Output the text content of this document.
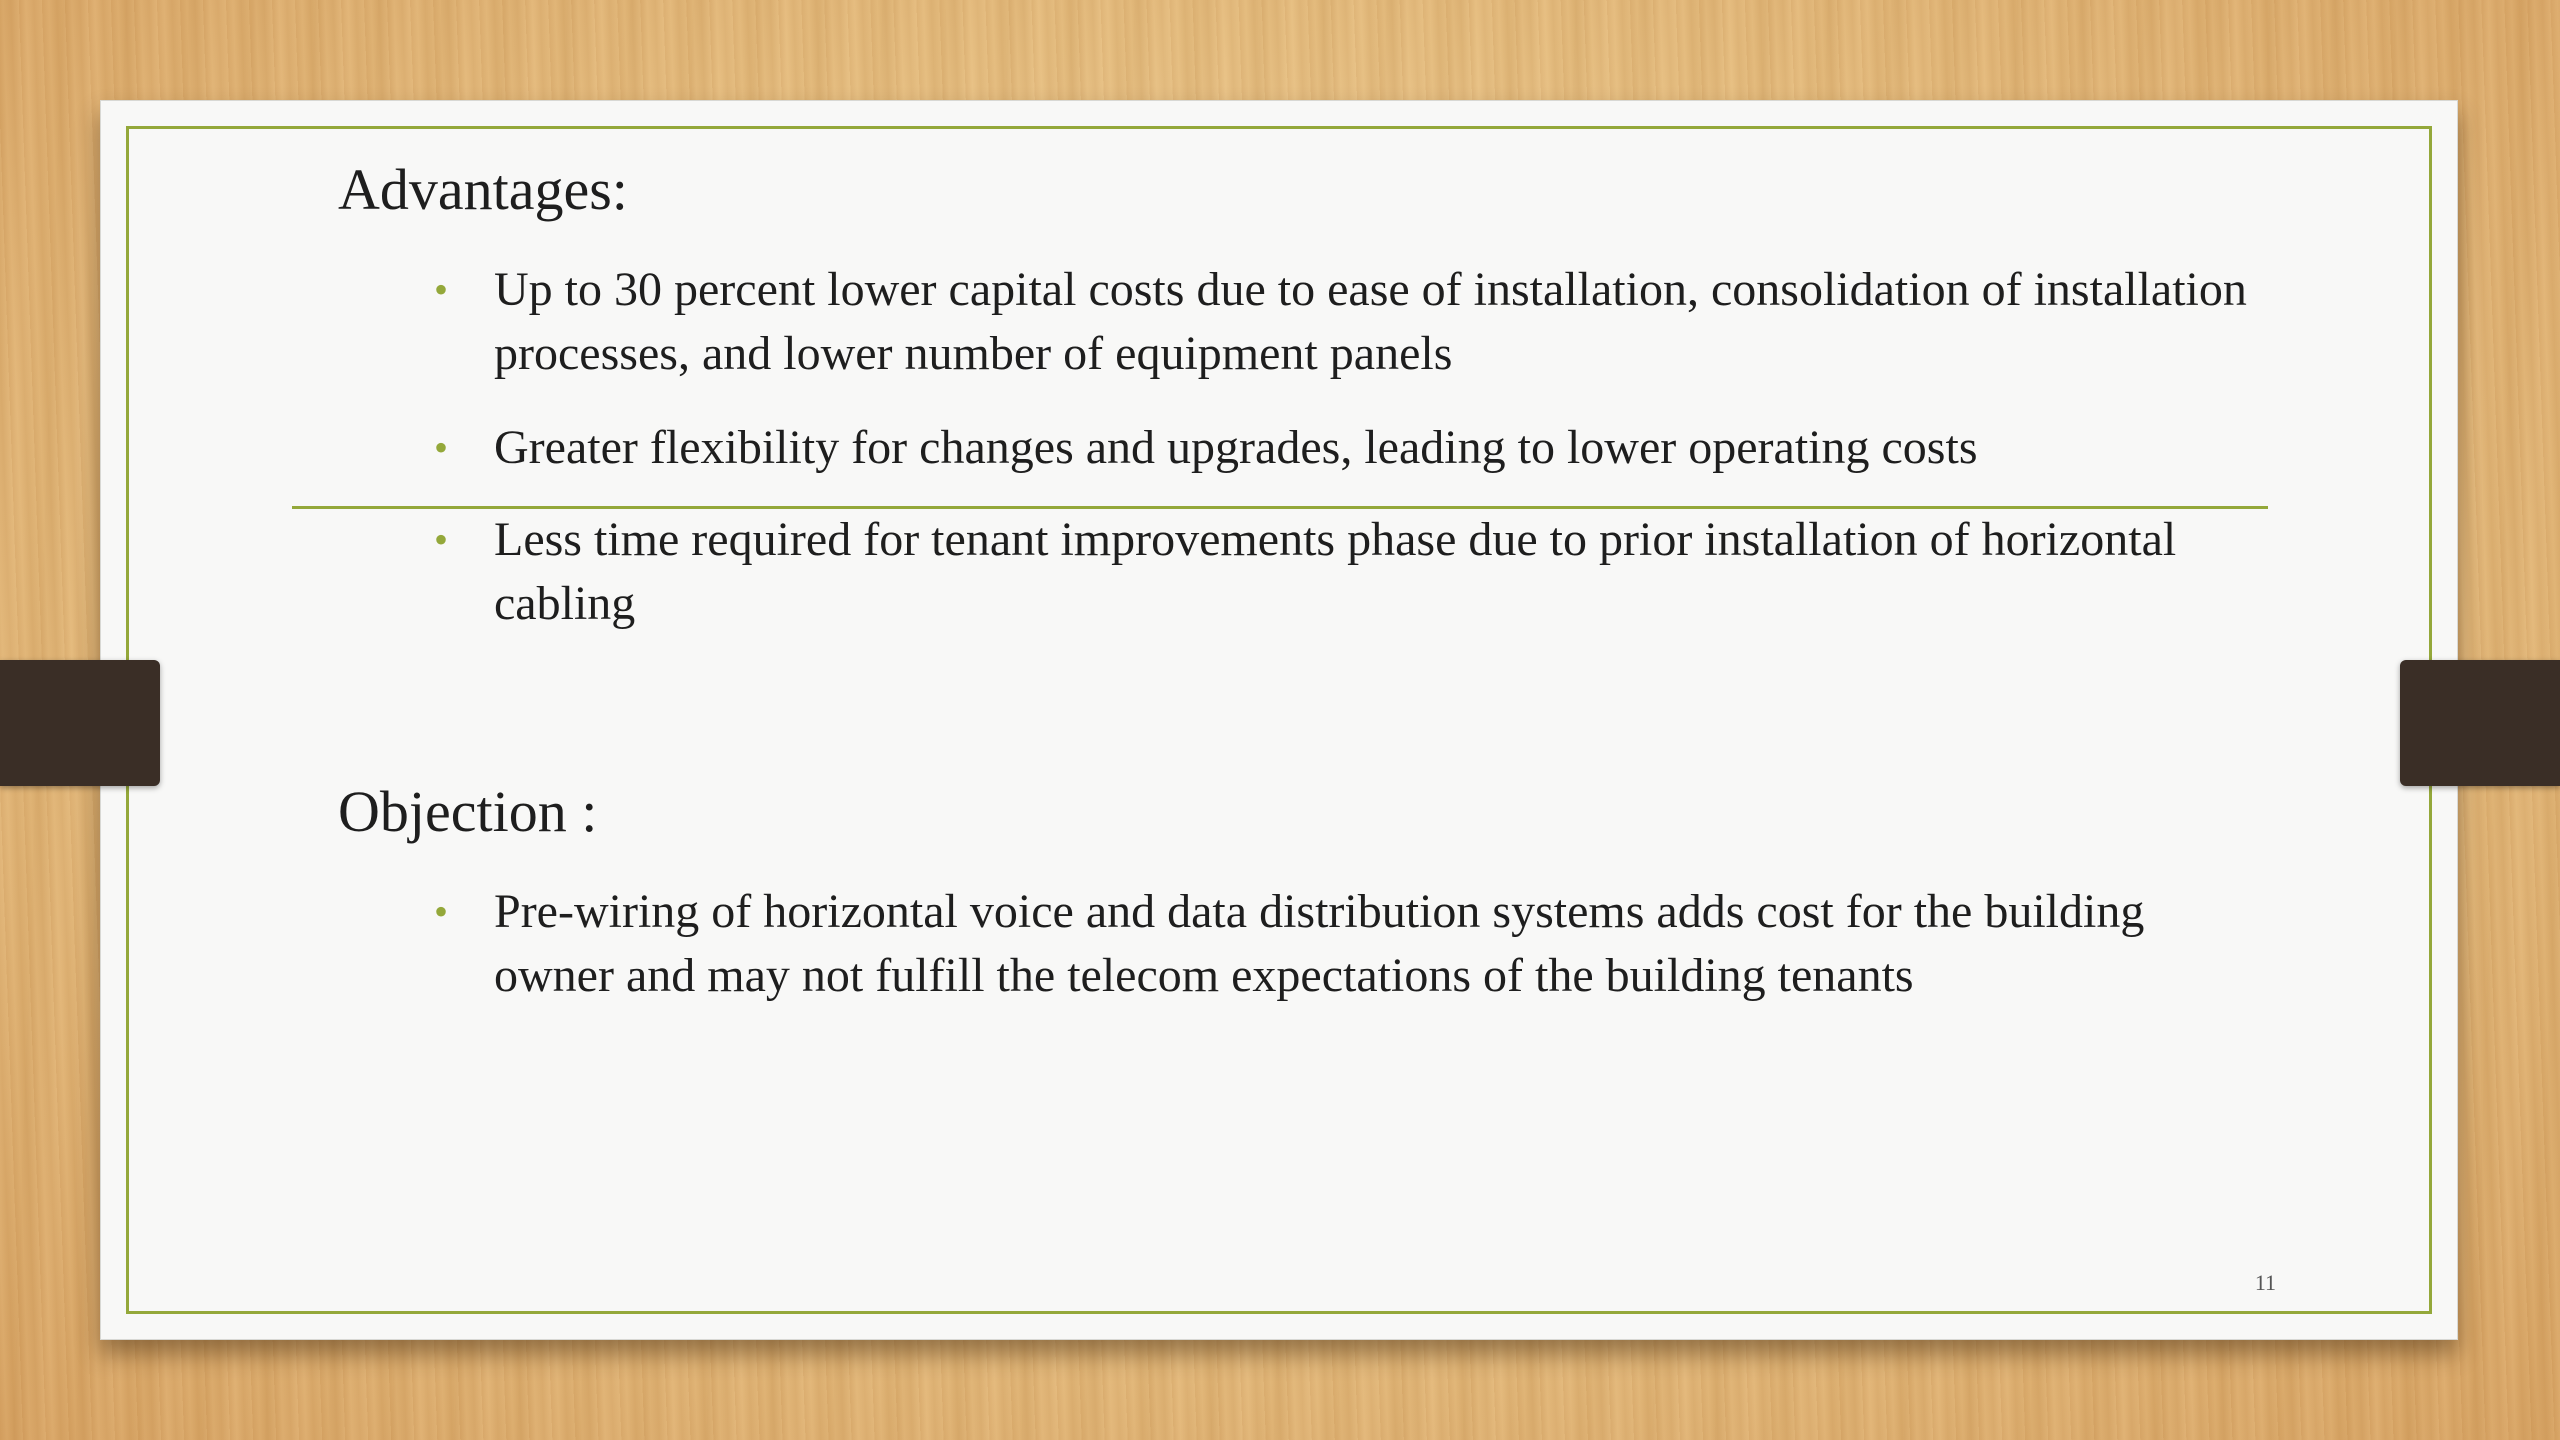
Advantages:
• Up to 30 percent lower capital costs due to ease of installation, consolidation of installation processes, and lower number of equipment panels
• Greater flexibility for changes and upgrades, leading to lower operating costs
• Less time required for tenant improvements phase due to prior installation of horizontal cabling
Objection :
• Pre-wiring of horizontal voice and data distribution systems adds cost for the building owner and may not fulfill the telecom expectations of the building tenants
11
